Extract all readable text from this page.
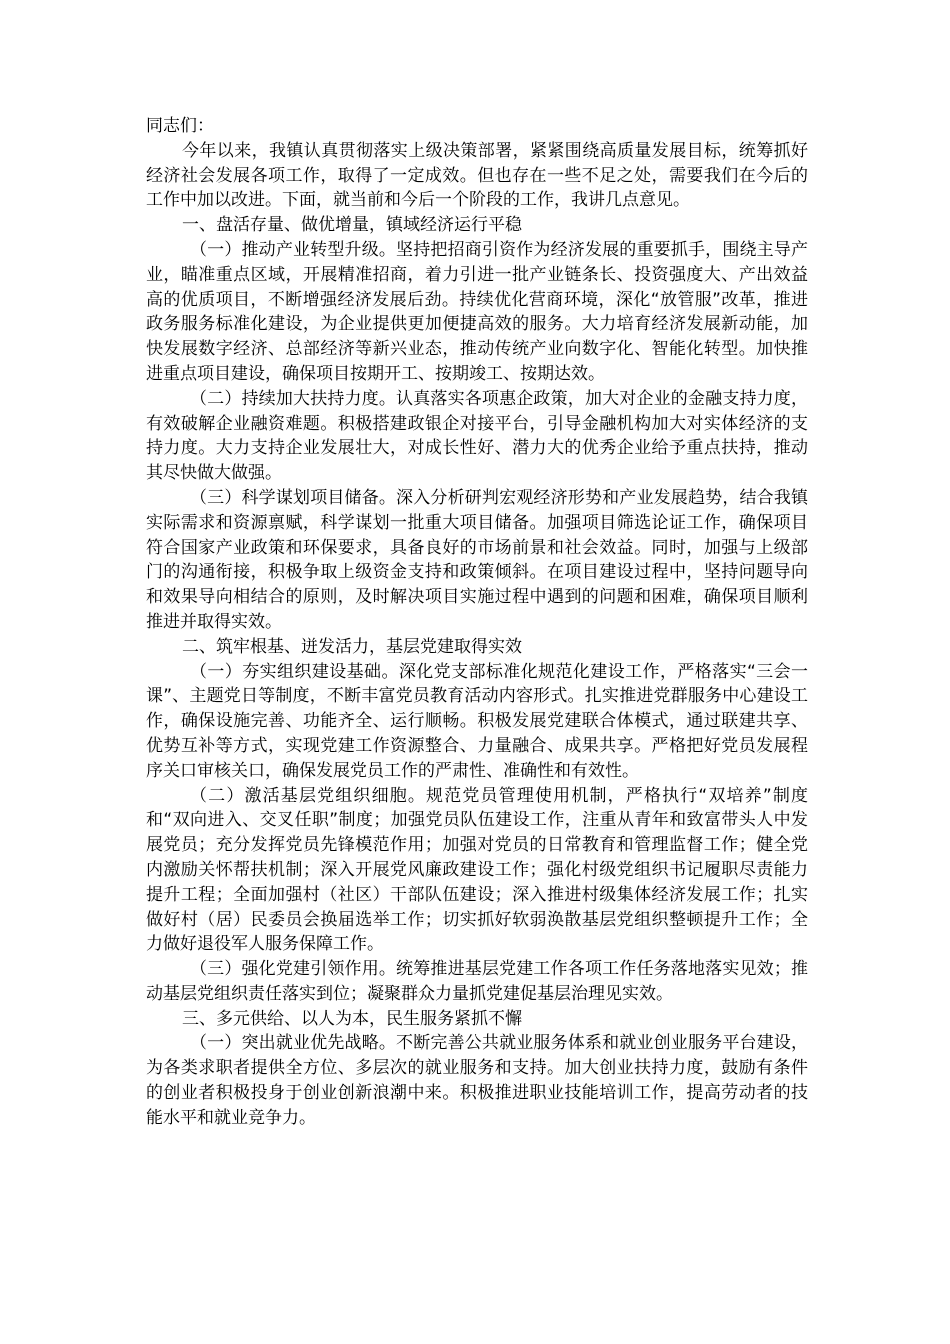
同志们：

今年以来，我镇认真贯彻落实上级决策部署，紧紧围绕高质量发展目标，统筹抓好经济社会发展各项工作，取得了一定成效。但也存在一些不足之处，需要我们在今后的工作中加以改进。下面，就当前和今后一个阶段的工作，我讲几点意见。

一、盘活存量、做优增量，镇域经济运行平稳

（一）推动产业转型升级。坚持把招商引资作为经济发展的重要抓手，围绕主导产业，瞄准重点区域，开展精准招商，着力引进一批产业链条长、投资强度大、产出效益高的优质项目，不断增强经济发展后劲。持续优化营商环境，深化“放管服”改革，推进政务服务标准化建设，为企业提供更加便捷高效的服务。大力培育经济发展新动能，加快发展数字经济、总部经济等新兴业态，推动传统产业向数字化、智能化转型。加快推进重点项目建设，确保项目按期开工、按期竣工、按期达效。

（二）持续加大扶持力度。认真落实各项惠企政策，加大对企业的金融支持力度，有效破解企业融资难题。积极搭建政银企对接平台，引导金融机构加大对实体经济的支持力度。大力支持企业发展壮大，对成长性好、潜力大的优秀企业给予重点扶持，推动其尽快做大做强。

（三）科学谋划项目储备。深入分析研判宏观经济形势和产业发展趋势，结合我镇实际需求和资源禀赋，科学谋划一批重大项目储备。加强项目筛选论证工作，确保项目符合国家产业政策和环保要求，具备良好的市场前景和社会效益。同时，加强与上级部门的沟通衔接，积极争取上级资金支持和政策倾斜。在项目建设过程中，坚持问题导向和效果导向相结合的原则，及时解决项目实施过程中遇到的问题和困难，确保项目顺利推进并取得实效。

二、筑牢根基、迸发活力，基层党建取得实效

（一）夯实组织建设基础。深化党支部标准化规范化建设工作，严格落实“三会一课”、主题党日等制度，不断丰富党员教育活动内容形式。扎实推进党群服务中心建设工作，确保设施完善、功能齐全、运行顺畅。积极发展党建联合体模式，通过联建共享、优势互补等方式，实现党建工作资源整合、力量融合、成果共享。严格把好党员发展程序关口审核关口，确保发展党员工作的严肃性、准确性和有效性。

（二）激活基层党组织细胞。规范党员管理使用机制，严格执行“双培养”制度和“双向进入、交叉任职”制度；加强党员队伍建设工作，注重从青年和致富带头人中发展党员；充分发挥党员先锋模范作用；加强对党员的日常教育和管理监督工作；健全党内激励关怀帮扶机制；深入开展党风廉政建设工作；强化村级党组织书记履职尽责能力提升工程；全面加强村（社区）干部队伍建设；深入推进村级集体经济发展工作；扎实做好村（居）民委员会换届选举工作；切实抓好软弱涣散基层党组织整顿提升工作；全力做好退役军人服务保障工作。

（三）强化党建引领作用。统筹推进基层党建工作各项工作任务落地落实见效；推动基层党组织责任落实到位；凝聚群众力量抓党建促基层治理见实效。

三、多元供给、以人为本，民生服务紧抓不懈

（一）突出就业优先战略。不断完善公共就业服务体系和就业创业服务平台建设，为各类求职者提供全方位、多层次的就业服务和支持。加大创业扶持力度，鼓励有条件的创业者积极投身于创业创新浪潮中来。积极推进职业技能培训工作，提高劳动者的技能水平和就业竞争力。
